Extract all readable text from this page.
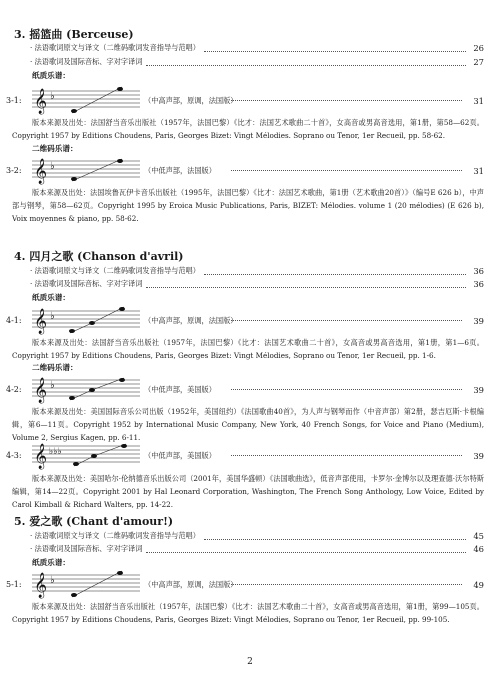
3. 摇篮曲 (Berceuse)
· 法语歌词原文与译文（二维码歌词发音指导与范唱）	26
· 法语歌词及国际音标、字对字译词	27
纸质乐谱：
3-1: 𝄞 ♭	（中高声部，原调，法国版）	31
版本来源及出处：法国舒当音乐出版社（1957年，法国巴黎）《比才：法国艺术歌曲二十首》，女高音或男高音选用，第1册，第58—62页。Copyright 1957 by Editions Choudens, Paris, Georges Bizet: Vingt Mélodies. Soprano ou Tenor, 1er Recueil, pp. 58-62.
二维码乐谱：
3-2: 𝄞 ♭	（中低声部，法国版）	31
版本来源及出处：法国埃鲁瓦伊卡音乐出版社（1995年，法国巴黎）《比才：法国艺术歌曲，第1册（艺术歌曲20首）》（编号E 626 b），中声部与钢琴，第58—62页。Copyright 1995 by Eroica Music Publications, Paris, BIZET: Mélodies. volume 1 (20 mélodies) (E 626 b), Voix moyennes & piano, pp. 58-62.
4. 四月之歌 (Chanson d'avril)
· 法语歌词原文与译文（二维码歌词发音指导与范唱）	36
· 法语歌词及国际音标、字对字译词	36
纸质乐谱：
4-1: 𝄞 ♭	（中高声部，原调，法国版）	39
版本来源及出处：法国舒当音乐出版社（1957年，法国巴黎）《比才：法国艺术歌曲二十首》，女高音或男高音选用，第1册，第1—6页。Copyright 1957 by Editions Choudens, Paris, Georges Bizet: Vingt Mélodies, Soprano ou Tenor, 1er Recueil, pp. 1-6.
二维码乐谱：
4-2: 𝄞 ♭	（中低声部，美国版）	39
版本来源及出处：美国国际音乐公司出版（1952年，美国纽约）《法国歌曲40首》，为人声与钢琴而作（中音声部）第2册，瑟吉厄斯·卡根编辑，第6—11页。Copyright 1952 by International Music Company, New York, 40 French Songs, for Voice and Piano (Medium), Volume 2, Sergius Kagen, pp. 6-11.
4-3: 𝄞 ♭♭♭	（中低声部，美国版）	39
版本来源及出处：美国哈尔·伦纳德音乐出版公司（2001年，美国华盛顿）《法国歌曲选》，低音声部使用，卡罗尔·金博尔以及理查德·沃尔特斯编辑，第14—22页。Copyright 2001 by Hal Leonard Corporation, Washington, The French Song Anthology, Low Voice, Edited by Carol Kimball & Richard Walters, pp. 14-22.
5. 爱之歌 (Chant d'amour!)
· 法语歌词原文与译文（二维码歌词发音指导与范唱）	45
· 法语歌词及国际音标、字对字译词	46
纸质乐谱：
5-1: 𝄞 ♭	（中高声部，原调，法国版）	49
版本来源及出处：法国舒当音乐出版社（1957年，法国巴黎）《比才：法国艺术歌曲二十首》，女高音或男高音选用，第1册，第99—105页。Copyright 1957 by Editions Choudens, Paris, Georges Bizet: Vingt Mélodies, Soprano ou Tenor, 1er Recueil, pp. 99-105.
2
